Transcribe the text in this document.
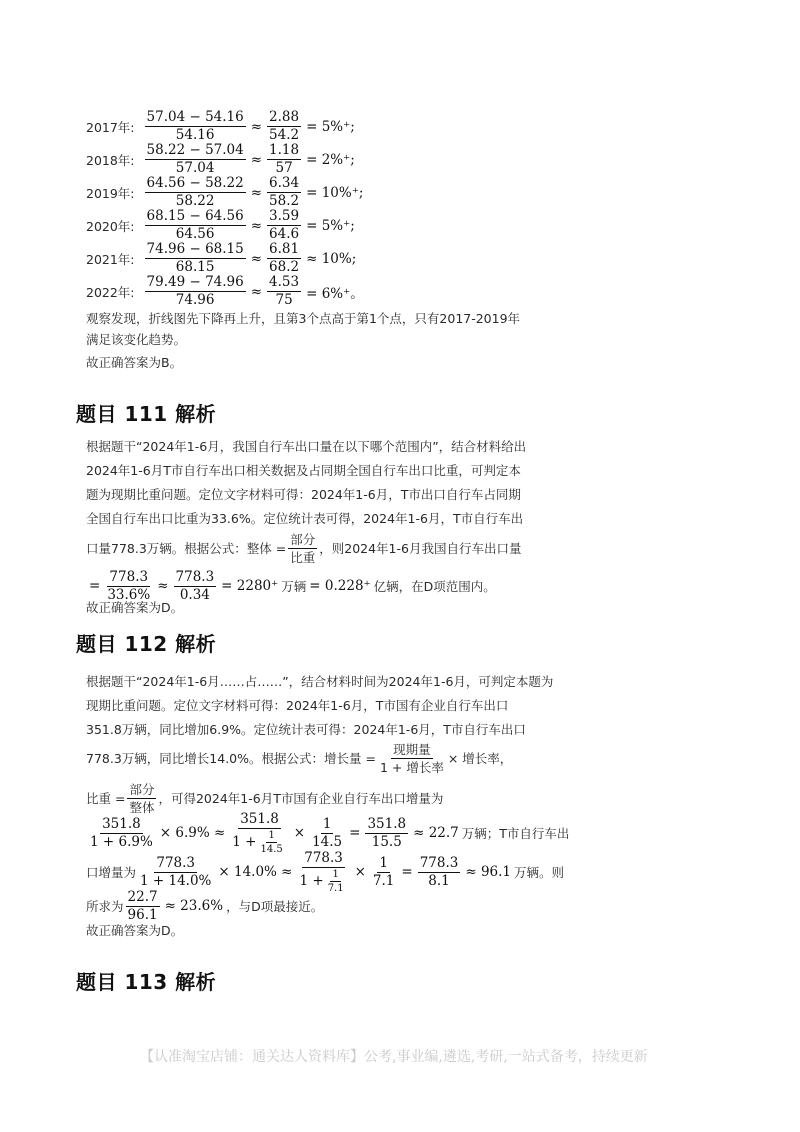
2017年: $\frac{57.04 - 54.16}{54.16} \approx \frac{2.88}{54.2} = 5\%^+$;
2018年: $\frac{58.22 - 57.04}{57.04} \approx \frac{1.18}{57} = 2\%^+$;
2019年: $\frac{64.56 - 58.22}{58.22} \approx \frac{6.34}{58.2} = 10\%^+$;
2020年: $\frac{68.15 - 64.56}{64.56} \approx \frac{3.59}{64.6} = 5\%^+$;
2021年: $\frac{74.96 - 68.15}{68.15} \approx \frac{6.81}{68.2} \approx 10\%$;
2022年: $\frac{79.49 - 74.96}{74.96} \approx \frac{4.53}{75} = 6\%^+$。
观察发现，折线图先下降再上升，且第3个点高于第1个点，只有2017-2019年
满足该变化趋势。
故正确答案为B。
题目 111 解析
根据题干“2024年1-6月，我国自行车出口量在以下哪个范围内”，结合材料给出
2024年1-6月T市自行车出口相关数据及占同期全国自行车出口比重，可判定本
题为现期比重问题。定位文字材料可得：2024年1-6月，T市出口自行车占同期
全国自行车出口比重为33.6%。定位统计表可得，2024年1-6月，T市自行车出
口量778.3万辆。根据公式：整体 = $\frac{\text{部分}}{\text{比重}}$ ，则2024年1-6月我国自行车出口量
= $\frac{778.3}{33.6\%} \approx \frac{778.3}{0.34} = 2280^+$ 万辆 = 0.228⁺ 亿辆，在D项范围内。
故正确答案为D。
题目 112 解析
根据题干“2024年1-6月……占……”，结合材料时间为2024年1-6月，可判定本题为
现期比重问题。定位文字材料可得：2024年1-6月，T市国有企业自行车出口
351.8万辆，同比增加6.9%。定位统计表可得：2024年1-6月，T市自行车出口
778.3万辆，同比增长14.0%。根据公式：增长量 = $\frac{\text{现期量}}{\text{1 + 增长率}}$ × 增长率，
比重 = $\frac{\text{部分}}{\text{整体}}$ ，可得2024年1-6月T市国有企业自行车出口增量为
$\frac{351.8}{1 + 6.9\%} \times 6.9\% \approx \frac{351.8}{1 + \frac{1}{14.5}} \times \frac{1}{14.5} = \frac{351.8}{15.5} \approx 22.7$ 万辆；T市自行车出
口增量为 $\frac{778.3}{1 + 14.0\%} \times 14.0\% \approx \frac{778.3}{1 + \frac{1}{7.1}} \times \frac{1}{7.1} = \frac{778.3}{8.1} \approx 96.1$ 万辆。则
所求为 $\frac{22.7}{96.1} \approx 23.6\%$ ，与D项最接近。
故正确答案为D。
题目 113 解析
【认准淘宝店铺：通关达人资料库】公考,事业编,遴选,考研,一站式备考，持续更新
